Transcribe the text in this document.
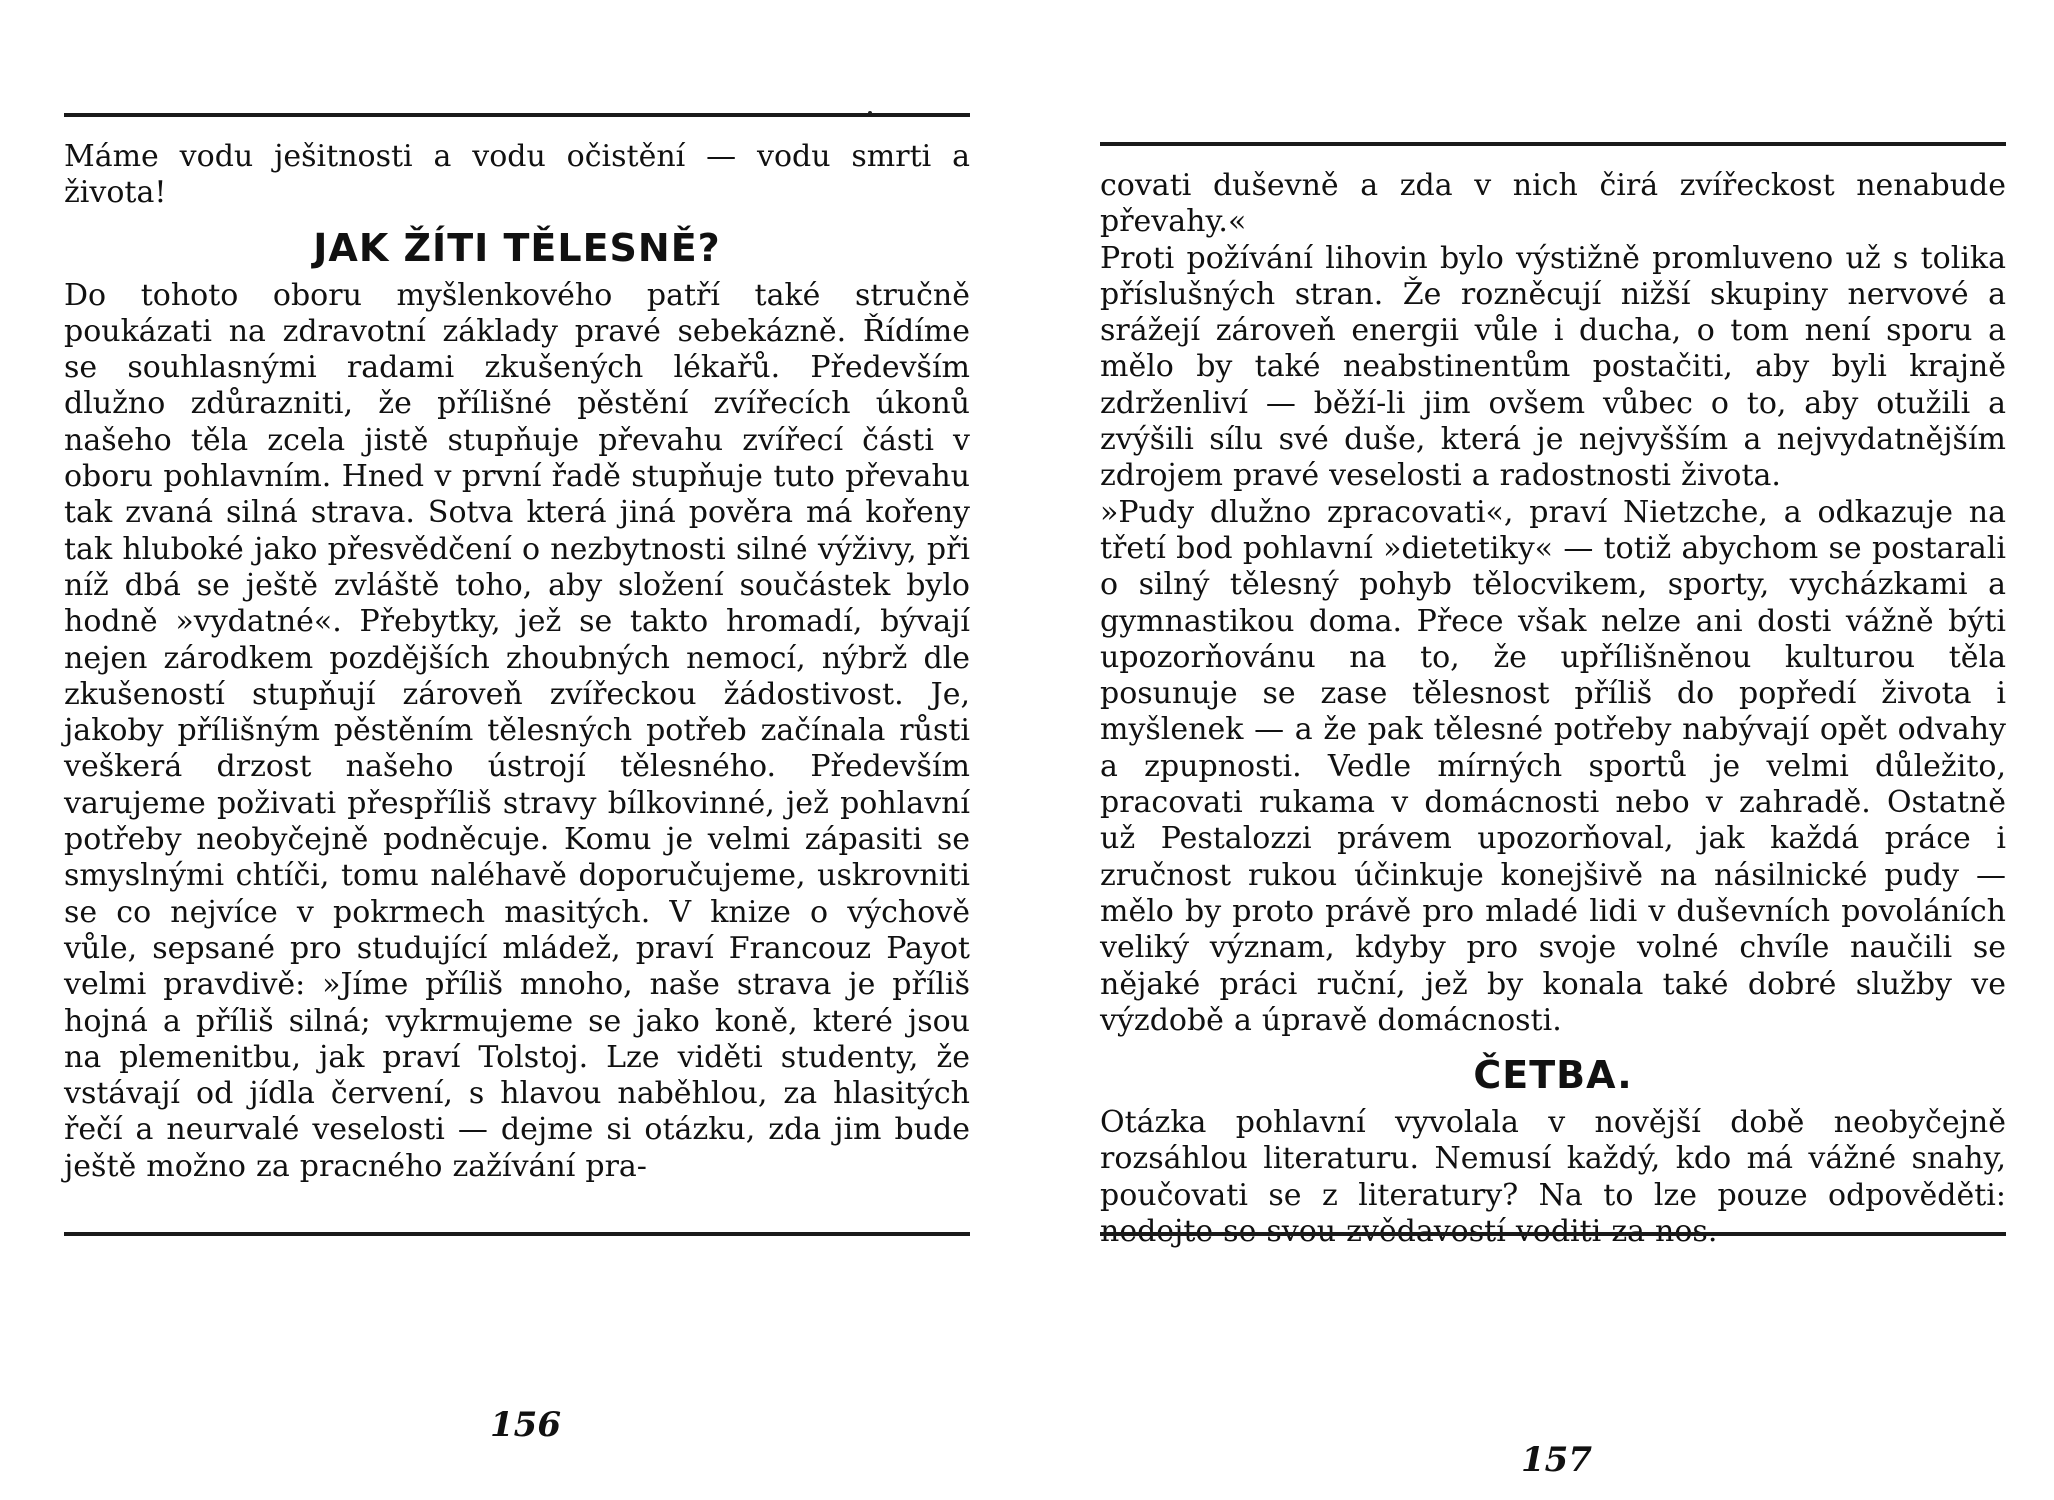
Máme vodu ješitnosti a vodu očistění — vodu smrti a života!
JAK ŽÍTI TĚLESNĚ?
Do tohoto oboru myšlenkového patří také stručně poukázati na zdravotní základy pravé sebekázně. Řídíme se souhlasnými radami zkušených lékařů. Především dlužno zdůrazniti, že přílišné pěstění zvířecích úkonů našeho těla zcela jistě stupňuje převahu zvířecí části v oboru pohlavním. Hned v první řadě stupňuje tuto převahu tak zvaná silná strava. Sotva která jiná pověra má kořeny tak hluboké jako přesvědčení o nezbytnosti silné výživy, při níž dbá se ještě zvláště toho, aby složení součástek bylo hodně »vydatné«. Přebytky, jež se takto hromadí, bývají nejen zárodkem pozdějších zhoubných nemocí, nýbrž dle zkušeností stupňují zároveň zvířeckou žádostivost. Je, jakoby přílišným pěstěním tělesných potřeb začínala růsti veškerá drzost našeho ústrojí tělesného. Především varujeme poživati přespříliš stravy bílkovinné, jež pohlavní potřeby neobyčejně podněcuje. Komu je velmi zápasiti se smyslnými chtíči, tomu naléhavě doporučujeme, uskrovniti se co nejvíce v pokrmech masitých. V knize o výchově vůle, sepsané pro studující mládež, praví Francouz Payot velmi pravdivě: »Jíme příliš mnoho, naše strava je příliš hojná a příliš silná; vykrmujeme se jako koně, které jsou na plemenitbu, jak praví Tolstoj. Lze viděti studenty, že vstávají od jídla červení, s hlavou naběhlou, za hlasitých řečí a neurvalé veselosti — dejme si otázku, zda jim bude ještě možno za pracného zažívání pra-
156
covati duševně a zda v nich čirá zvířeckost nenabude převahy.«
Proti požívání lihovin bylo výstižně promluveno už s tolika příslušných stran. Že rozněcují nižší skupiny nervové a srážejí zároveň energii vůle i ducha, o tom není sporu a mělo by také neabstinentům postačiti, aby byli krajně zdrženliví — běží-li jim ovšem vůbec o to, aby otužili a zvýšili sílu své duše, která je nejvyšším a nejvydatnějším zdrojem pravé veselosti a radostnosti života.
»Pudy dlužno zpracovati«, praví Nietzche, a odkazuje na třetí bod pohlavní »dietetiky« — totiž abychom se postarali o silný tělesný pohyb tělocvikem, sporty, vycházkami a gymnastikou doma. Přece však nelze ani dosti vážně býti upozorňovánu na to, že upřílišněnou kulturou těla posunuje se zase tělesnost příliš do popředí života i myšlenek — a že pak tělesné potřeby nabývají opět odvahy a zpupnosti. Vedle mírných sportů je velmi důležito, pracovati rukama v domácnosti nebo v zahradě. Ostatně už Pestalozzi právem upozorňoval, jak každá práce i zručnost rukou účinkuje konejšivě na násilnické pudy — mělo by proto právě pro mladé lidi v duševních povoláních veliký význam, kdyby pro svoje volné chvíle naučili se nějaké práci ruční, jež by konala také dobré služby ve výzdobě a úpravě domácnosti.
ČETBA.
Otázka pohlavní vyvolala v novější době neobyčejně rozsáhlou literaturu. Nemusí každý, kdo má vážné snahy, poučovati se z literatury? Na to lze pouze odpověděti: nedejte se svou zvědavostí voditi za nos.
157
